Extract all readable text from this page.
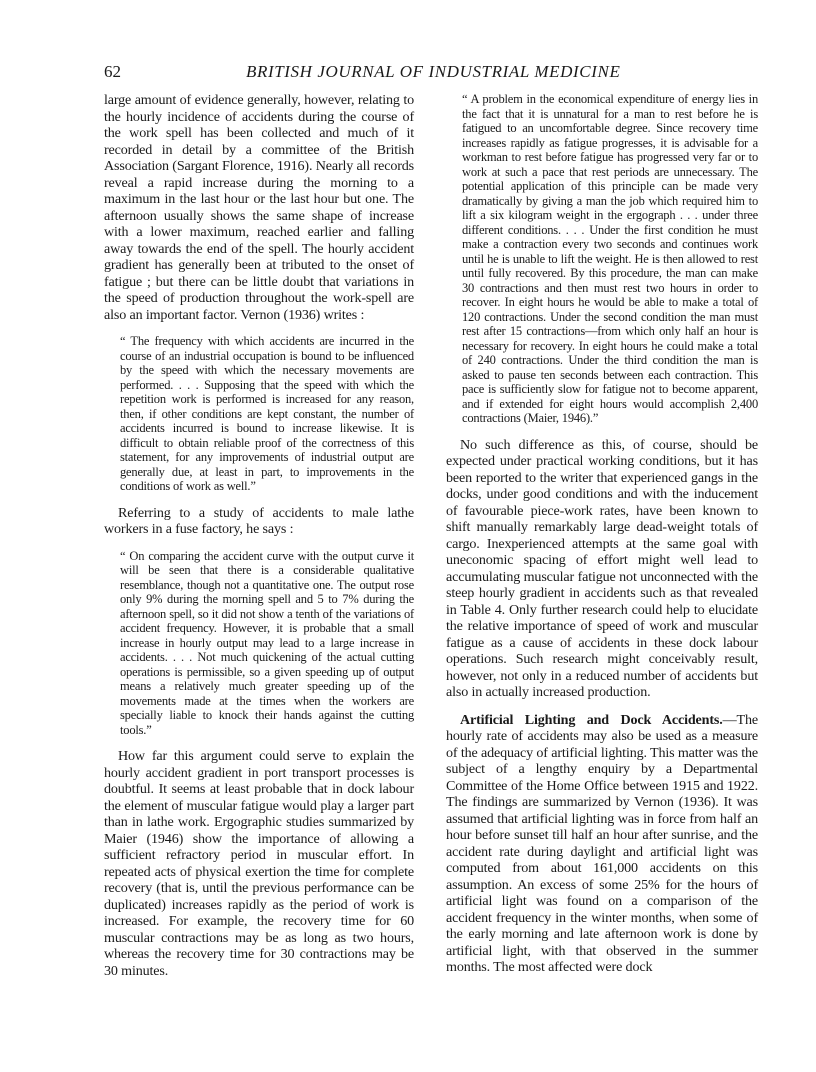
62	BRITISH JOURNAL OF INDUSTRIAL MEDICINE

large amount of evidence generally, however, relating to the hourly incidence of accidents during the course of the work spell has been collected and much of it recorded in detail by a committee of the British Association (Sargant Florence, 1916). Nearly all records reveal a rapid increase during the morning to a maximum in the last hour or the last hour but one. The afternoon usually shows the same shape of increase with a lower maximum, reached earlier and falling away towards the end of the spell. The hourly accident gradient has generally been at tributed to the onset of fatigue ; but there can be little doubt that variations in the speed of production throughout the work-spell are also an important factor. Vernon (1936) writes :

“ The frequency with which accidents are incurred in the course of an industrial occupation is bound to be influenced by the speed with which the necessary movements are performed. . . . Supposing that the speed with which the repetition work is performed is increased for any reason, then, if other conditions are kept constant, the number of accidents incurred is bound to increase likewise. It is difficult to obtain reliable proof of the correctness of this statement, for any improvements of industrial output are generally due, at least in part, to improvements in the conditions of work as well.”

Referring to a study of accidents to male lathe workers in a fuse factory, he says :

“ On comparing the accident curve with the output curve it will be seen that there is a considerable qualitative resemblance, though not a quantitative one. The output rose only 9% during the morning spell and 5 to 7% during the afternoon spell, so it did not show a tenth of the variations of accident frequency. However, it is probable that a small increase in hourly output may lead to a large increase in accidents. . . . Not much quickening of the actual cutting operations is permissible, so a given speeding up of output means a relatively much greater speeding up of the movements made at the times when the workers are specially liable to knock their hands against the cutting tools.”

How far this argument could serve to explain the hourly accident gradient in port transport processes is doubtful. It seems at least probable that in dock labour the element of muscular fatigue would play a larger part than in lathe work. Ergographic studies summarized by Maier (1946) show the importance of allowing a sufficient refractory period in muscular effort. In repeated acts of physical exertion the time for complete recovery (that is, until the previous performance can be duplicated) increases rapidly as the period of work is increased. For example, the recovery time for 60 muscular contractions may be as long as two hours, whereas the recovery time for 30 contractions may be 30 minutes.

“ A problem in the economical expenditure of energy lies in the fact that it is unnatural for a man to rest before he is fatigued to an uncomfortable degree. Since recovery time increases rapidly as fatigue progresses, it is advisable for a workman to rest before fatigue has progressed very far or to work at such a pace that rest periods are unnecessary. The potential application of this principle can be made very dramatically by giving a man the job which required him to lift a six kilogram weight in the ergograph . . . under three different conditions. . . . Under the first condition he must make a contraction every two seconds and continues work until he is unable to lift the weight. He is then allowed to rest until fully recovered. By this procedure, the man can make 30 contractions and then must rest two hours in order to recover. In eight hours he would be able to make a total of 120 contractions. Under the second condition the man must rest after 15 contractions—from which only half an hour is necessary for recovery. In eight hours he could make a total of 240 contractions. Under the third condition the man is asked to pause ten seconds between each contraction. This pace is sufficiently slow for fatigue not to become apparent, and if extended for eight hours would accomplish 2,400 contractions (Maier, 1946).”

No such difference as this, of course, should be expected under practical working conditions, but it has been reported to the writer that experienced gangs in the docks, under good conditions and with the inducement of favourable piece-work rates, have been known to shift manually remarkably large dead-weight totals of cargo. Inexperienced attempts at the same goal with uneconomic spacing of effort might well lead to accumulating muscular fatigue not unconnected with the steep hourly gradient in accidents such as that revealed in Table 4. Only further research could help to elucidate the relative importance of speed of work and muscular fatigue as a cause of accidents in these dock labour operations. Such research might conceivably result, however, not only in a reduced number of accidents but also in actually increased production.

Artificial Lighting and Dock Accidents.—The hourly rate of accidents may also be used as a measure of the adequacy of artificial lighting. This matter was the subject of a lengthy enquiry by a Departmental Committee of the Home Office between 1915 and 1922. The findings are summarized by Vernon (1936). It was assumed that artificial lighting was in force from half an hour before sunset till half an hour after sunrise, and the accident rate during daylight and artificial light was computed from about 161,000 accidents on this assumption. An excess of some 25% for the hours of artificial light was found on a comparison of the accident frequency in the winter months, when some of the early morning and late afternoon work is done by artificial light, with that observed in the summer months. The most affected were dock
